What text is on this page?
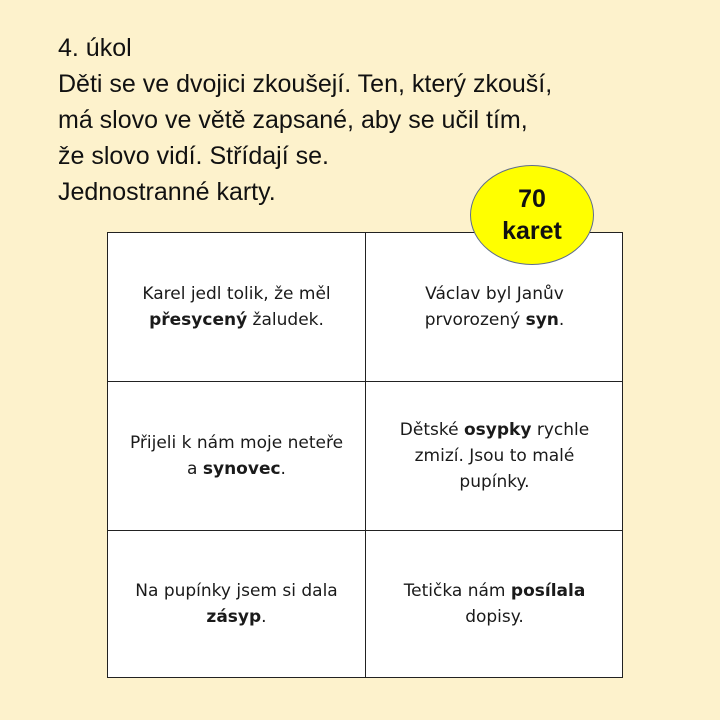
4. úkol
Děti se ve dvojici zkoušejí. Ten, který zkouší,
má slovo ve větě zapsané, aby se učil tím,
že slovo vidí. Střídají se.
Jednostranné karty.	70
karet
Karel jedl tolik, že měl přesycený žaludek.
Václav byl Janův prvorozený syn.
Přijeli k nám moje neteře a synovec.
Dětské osypky rychle zmizí. Jsou to malé pupínky.
Na pupínky jsem si dala zásyp.
Tetička nám posílala dopisy.
